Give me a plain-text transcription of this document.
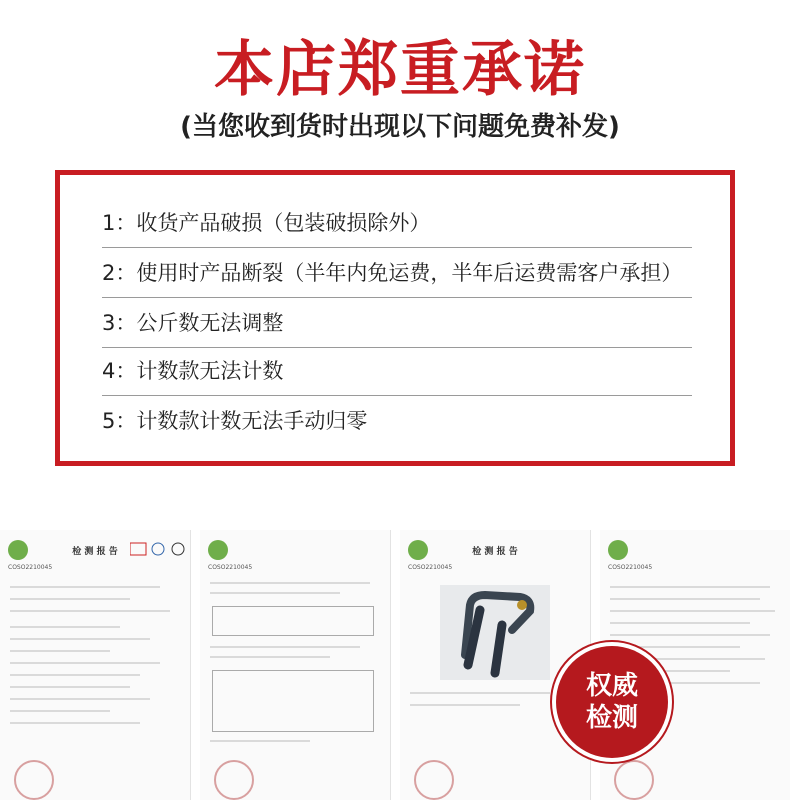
本店郑重承诺
(当您收到货时出现以下问题免费补发)
1：收货产品破损（包装破损除外）
2：使用时产品断裂（半年内免运费，半年后运费需客户承担）
3：公斤数无法调整
4：计数款无法计数
5：计数款计数无法手动归零
检 测 报 告
COSO2210045	COSO2210045
检 测 报 告
COSO2210045	COSO2210045
权威
检测
